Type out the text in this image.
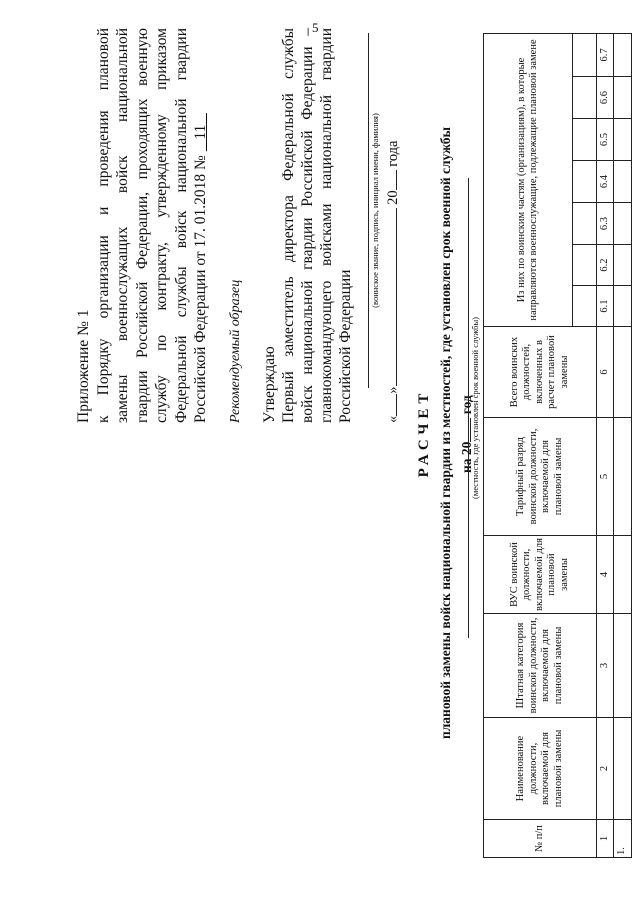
5
Приложение № 1 к Порядку организации и проведения плановой замены военнослужащих войск национальной гвардии Российской Федерации, проходящих военную службу по контракту, утвержденному приказом Федеральной службы войск национальной гвардии Российской Федерации от 17. 01.2018 №    11
Рекомендуемый образец Утверждаю Первый заместитель директора Федеральной службы войск национальной гвардии Российской Федерации – главнокомандующего войсками национальной гвардии Российской Федерации
(воинское звание, подпись, инициал имени, фамилия)
«» 20 года
РАСЧЕТ плановой замены войск национальной гвардии из местностей, где установлен срок военной службы на 20 год
(местность, где установлен срок военной службы)
№ п/п	Наименование должности, включаемой для плановой замены	Штатная категория воинской должности, включаемой для плановой замены	ВУС воинской должности, включаемой для плановой замены	Тарифный разряд воинской должности, включаемой для плановой замены	Всего воинских должностей, включенных в расчет плановой замены	Из них по воинским частям (организациям), в которые направляются военнослужащие, подлежащие плановой замене						

1	2	3	4	5	6	6.1	6.2	6.3	6.4	6.5	6.6	6.7
1.												
